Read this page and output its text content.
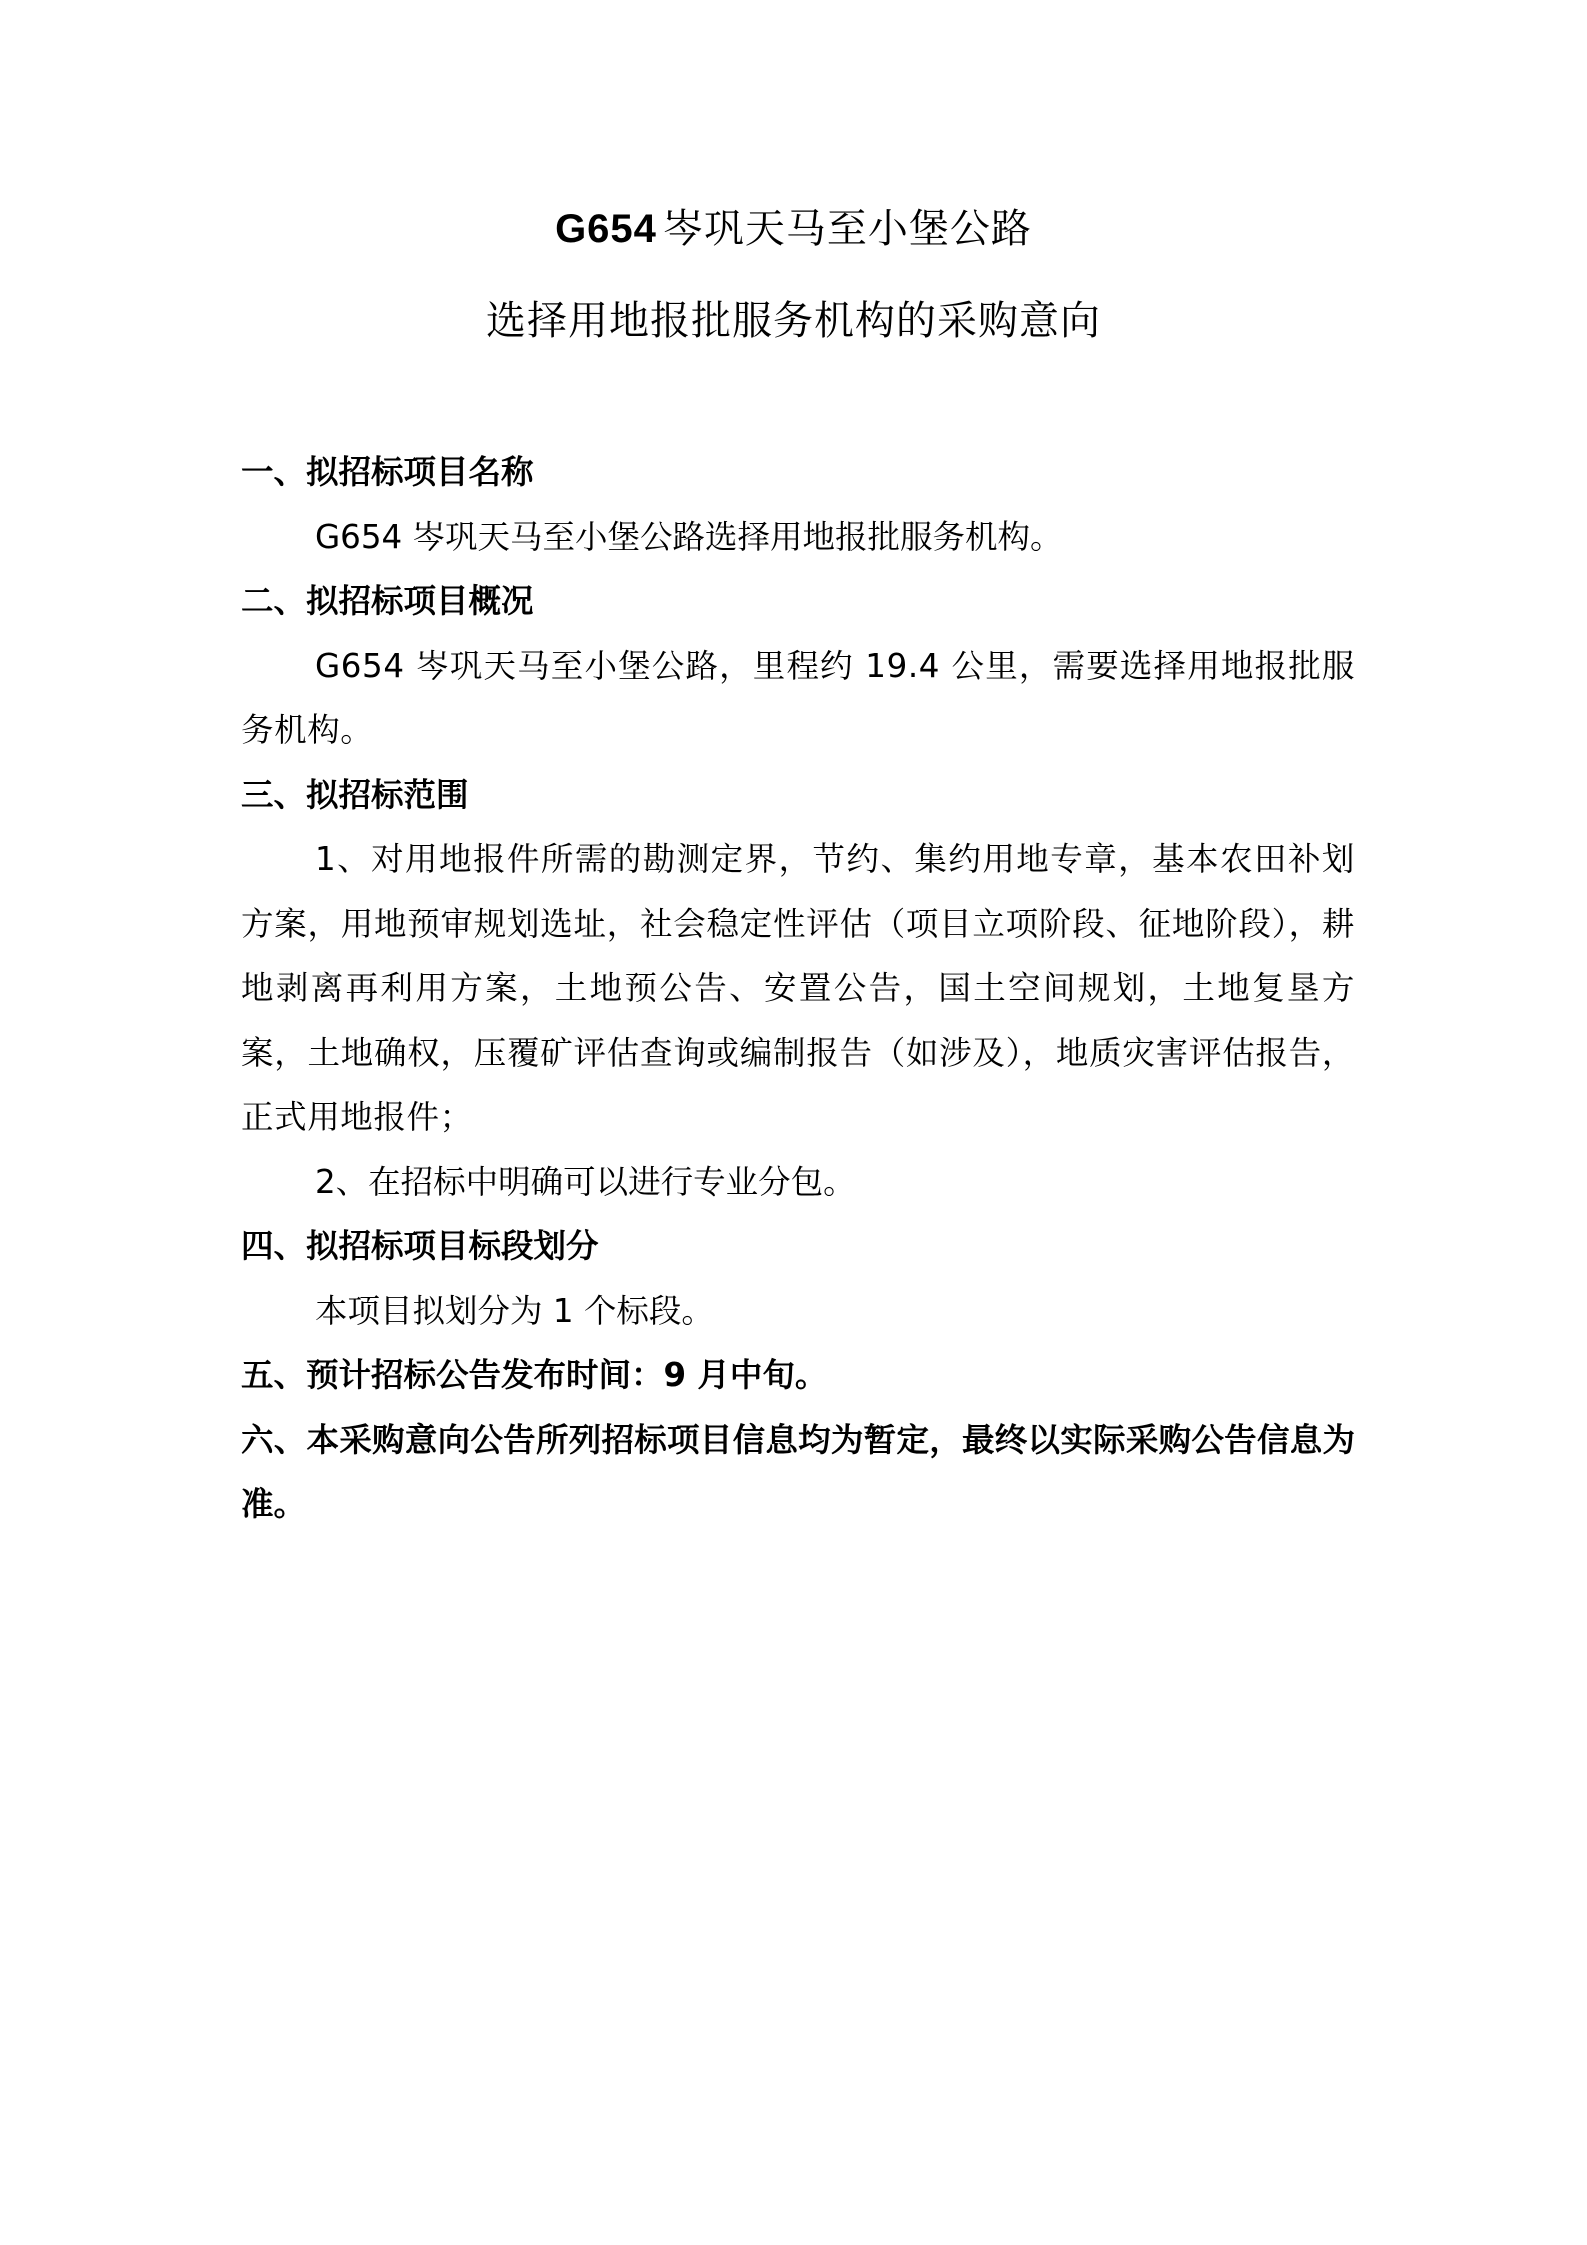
G654 岑巩天马至小堡公路
选择用地报批服务机构的采购意向
一、拟招标项目名称
G654 岑巩天马至小堡公路选择用地报批服务机构。
二、拟招标项目概况
G654 岑巩天马至小堡公路，里程约 19.4 公里，需要选择用地报批服务机构。
三、拟招标范围
1、对用地报件所需的勘测定界，节约、集约用地专章，基本农田补划方案，用地预审规划选址，社会稳定性评估（项目立项阶段、征地阶段），耕地剥离再利用方案，土地预公告、安置公告，国土空间规划，土地复垦方案，土地确权，压覆矿评估查询或编制报告（如涉及），地质灾害评估报告，正式用地报件；
2、在招标中明确可以进行专业分包。
四、拟招标项目标段划分
本项目拟划分为 1 个标段。
五、预计招标公告发布时间：9 月中旬。
六、本采购意向公告所列招标项目信息均为暂定，最终以实际采购公告信息为准。
